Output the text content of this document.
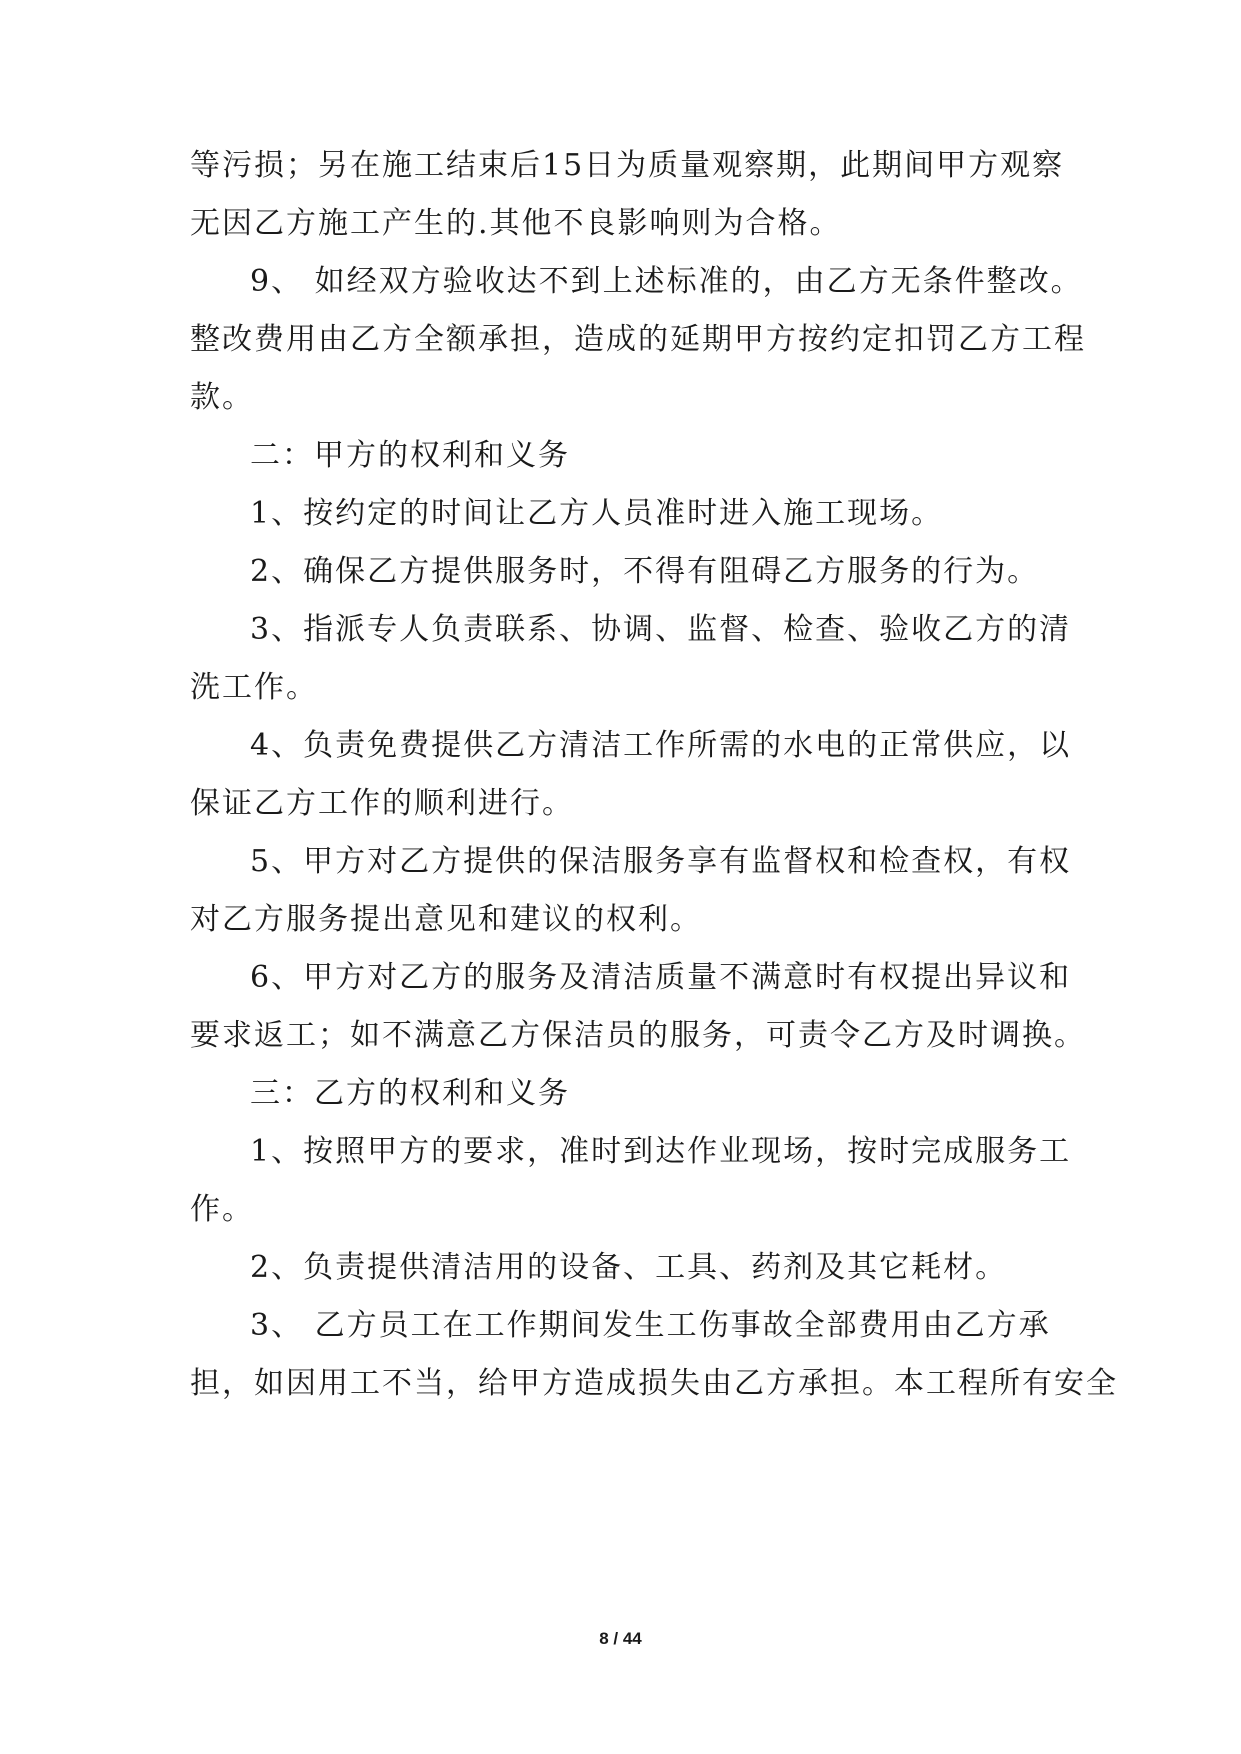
等污损；另在施工结束后15日为质量观察期，此期间甲方观察
无因乙方施工产生的.其他不良影响则为合格。
9、 如经双方验收达不到上述标准的，由乙方无条件整改。
整改费用由乙方全额承担，造成的延期甲方按约定扣罚乙方工程
款。
二：甲方的权利和义务
1、按约定的时间让乙方人员准时进入施工现场。
2、确保乙方提供服务时，不得有阻碍乙方服务的行为。
3、指派专人负责联系、协调、监督、检查、验收乙方的清
洗工作。
4、负责免费提供乙方清洁工作所需的水电的正常供应，以
保证乙方工作的顺利进行。
5、甲方对乙方提供的保洁服务享有监督权和检查权，有权
对乙方服务提出意见和建议的权利。
6、甲方对乙方的服务及清洁质量不满意时有权提出异议和
要求返工；如不满意乙方保洁员的服务，可责令乙方及时调换。
三：乙方的权利和义务
1、按照甲方的要求，准时到达作业现场，按时完成服务工
作。
2、负责提供清洁用的设备、工具、药剂及其它耗材。
3、 乙方员工在工作期间发生工伤事故全部费用由乙方承
担，如因用工不当，给甲方造成损失由乙方承担。本工程所有安全
8 / 44
